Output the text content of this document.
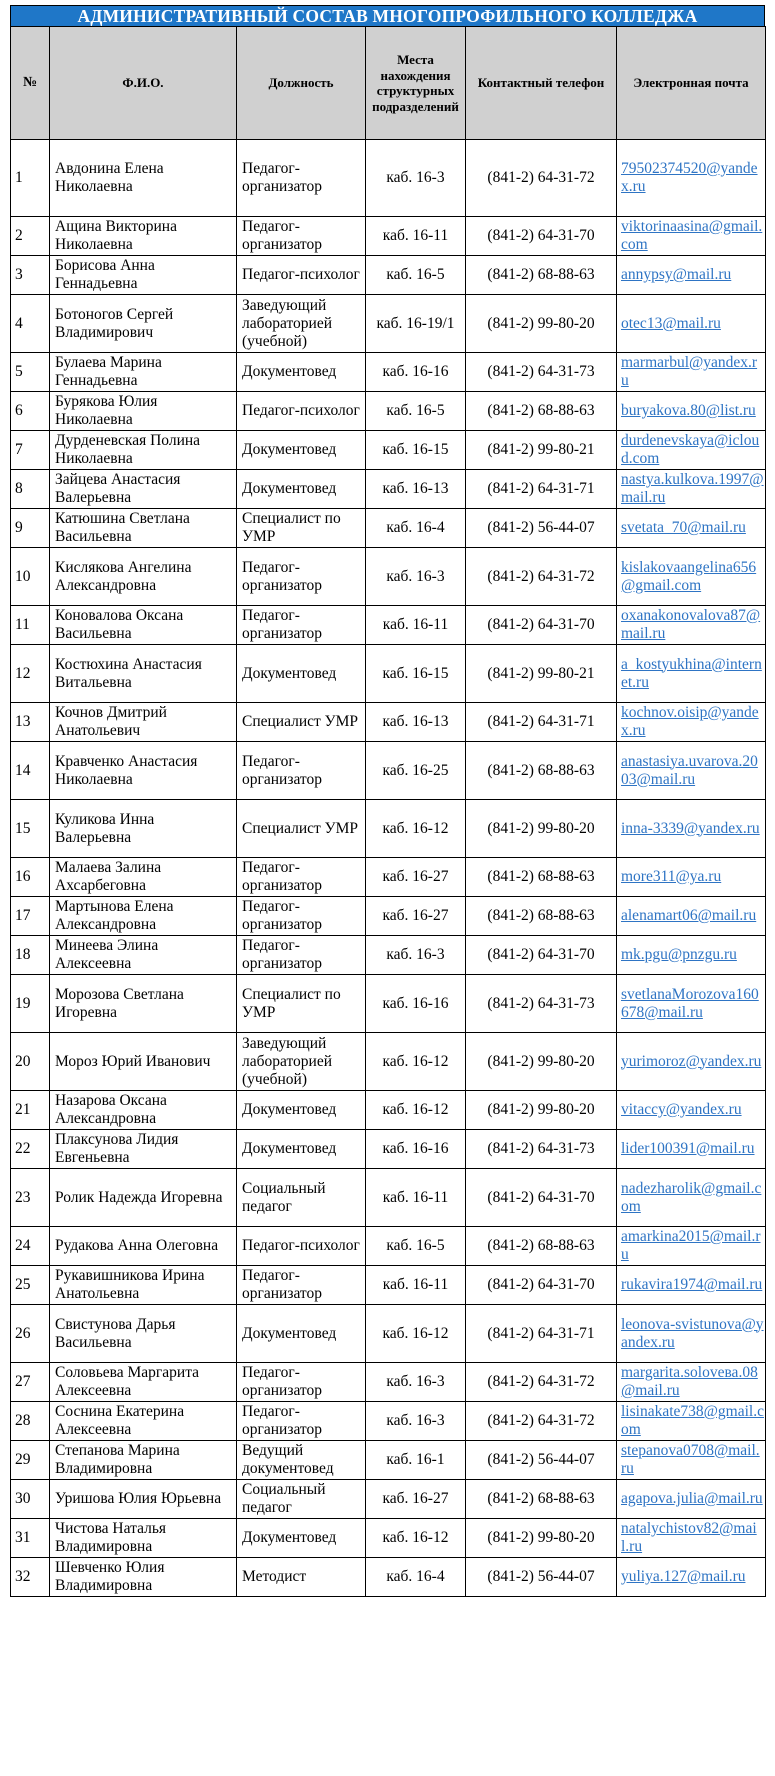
АДМИНИСТРАТИВНЫЙ СОСТАВ МНОГОПРОФИЛЬНОГО КОЛЛЕДЖА
№	Ф.И.О.	Должность	Места нахождения структурных подразделений	Контактный телефон	Электронная почта
1	Авдонина Елена Николаевна	Педагог-организатор	каб. 16-3	(841-2) 64-31-72	79502374520@yandex.ru
2	Ащина Викторина Николаевна	Педагог-организатор	каб. 16-11	(841-2) 64-31-70	viktorinaasina@gmail.com
3	Борисова Анна Геннадьевна	Педагог-психолог	каб. 16-5	(841-2) 68-88-63	annypsy@mail.ru
4	Ботоногов Сергей Владимирович	Заведующий лабораторией (учебной)	каб. 16-19/1	(841-2) 99-80-20	otec13@mail.ru
5	Булаева Марина Геннадьевна	Документовед	каб. 16-16	(841-2) 64-31-73	marmarbul@yandex.ru
6	Бурякова Юлия Николаевна	Педагог-психолог	каб. 16-5	(841-2) 68-88-63	buryakova.80@list.ru
7	Дурденевская Полина Николаевна	Документовед	каб. 16-15	(841-2) 99-80-21	durdenevskaya@icloud.com
8	Зайцева Анастасия Валерьевна	Документовед	каб. 16-13	(841-2) 64-31-71	nastya.kulkova.1997@mail.ru
9	Катюшина Светлана Васильевна	Специалист по УМР	каб. 16-4	(841-2) 56-44-07	svetata_70@mail.ru
10	Кислякова Ангелина Александровна	Педагог-организатор	каб. 16-3	(841-2) 64-31-72	kislakovaangelina656@gmail.com
11	Коновалова Оксана Васильевна	Педагог-организатор	каб. 16-11	(841-2) 64-31-70	oxanakonovalova87@mail.ru
12	Костюхина Анастасия Витальевна	Документовед	каб. 16-15	(841-2) 99-80-21	a_kostyukhina@internet.ru
13	Кочнов Дмитрий Анатольевич	Специалист УМР	каб. 16-13	(841-2) 64-31-71	kochnov.oisip@yandex.ru
14	Кравченко Анастасия Николаевна	Педагог-организатор	каб. 16-25	(841-2) 68-88-63	anastasiya.uvarova.2003@mail.ru
15	Куликова Инна Валерьевна	Специалист УМР	каб. 16-12	(841-2) 99-80-20	inna-3339@yandex.ru
16	Малаева Залина Ахсарбеговна	Педагог-организатор	каб. 16-27	(841-2) 68-88-63	more311@ya.ru
17	Мартынова Елена Александровна	Педагог-организатор	каб. 16-27	(841-2) 68-88-63	alenamart06@mail.ru
18	Минеева Элина Алексеевна	Педагог-организатор	каб. 16-3	(841-2) 64-31-70	mk.pgu@pnzgu.ru
19	Морозова Светлана Игоревна	Специалист по УМР	каб. 16-16	(841-2) 64-31-73	svetlanaMorozova160678@mail.ru
20	Мороз Юрий Иванович	Заведующий лабораторией (учебной)	каб. 16-12	(841-2) 99-80-20	yurimoroz@yandex.ru
21	Назарова Оксана Александровна	Документовед	каб. 16-12	(841-2) 99-80-20	vitaccy@yandex.ru
22	Плаксунова Лидия Евгеньевна	Документовед	каб. 16-16	(841-2) 64-31-73	lider100391@mail.ru
23	Ролик Надежда Игоревна	Социальный педагог	каб. 16-11	(841-2) 64-31-70	nadezharolik@gmail.com
24	Рудакова Анна Олеговна	Педагог-психолог	каб. 16-5	(841-2) 68-88-63	amarkina2015@mail.ru
25	Рукавишникова Ирина Анатольевна	Педагог-организатор	каб. 16-11	(841-2) 64-31-70	rukavira1974@mail.ru
26	Свистунова Дарья Васильевна	Документовед	каб. 16-12	(841-2) 64-31-71	leonova-svistunova@yandex.ru
27	Соловьева Маргарита Алексеевна	Педагог-организатор	каб. 16-3	(841-2) 64-31-72	margarita.solovева.08@mail.ru
28	Соснина Екатерина Алексеевна	Педагог-организатор	каб. 16-3	(841-2) 64-31-72	lisinakate738@gmail.com
29	Степанова Марина Владимировна	Ведущий документовед	каб. 16-1	(841-2) 56-44-07	stepanova0708@mail.ru
30	Уришова Юлия Юрьевна	Социальный педагог	каб. 16-27	(841-2) 68-88-63	agapova.julia@mail.ru
31	Чистова Наталья Владимировна	Документовед	каб. 16-12	(841-2) 99-80-20	natalychistov82@mail.ru
32	Шевченко Юлия Владимировна	Методист	каб. 16-4	(841-2) 56-44-07	yuliya.127@mail.ru
